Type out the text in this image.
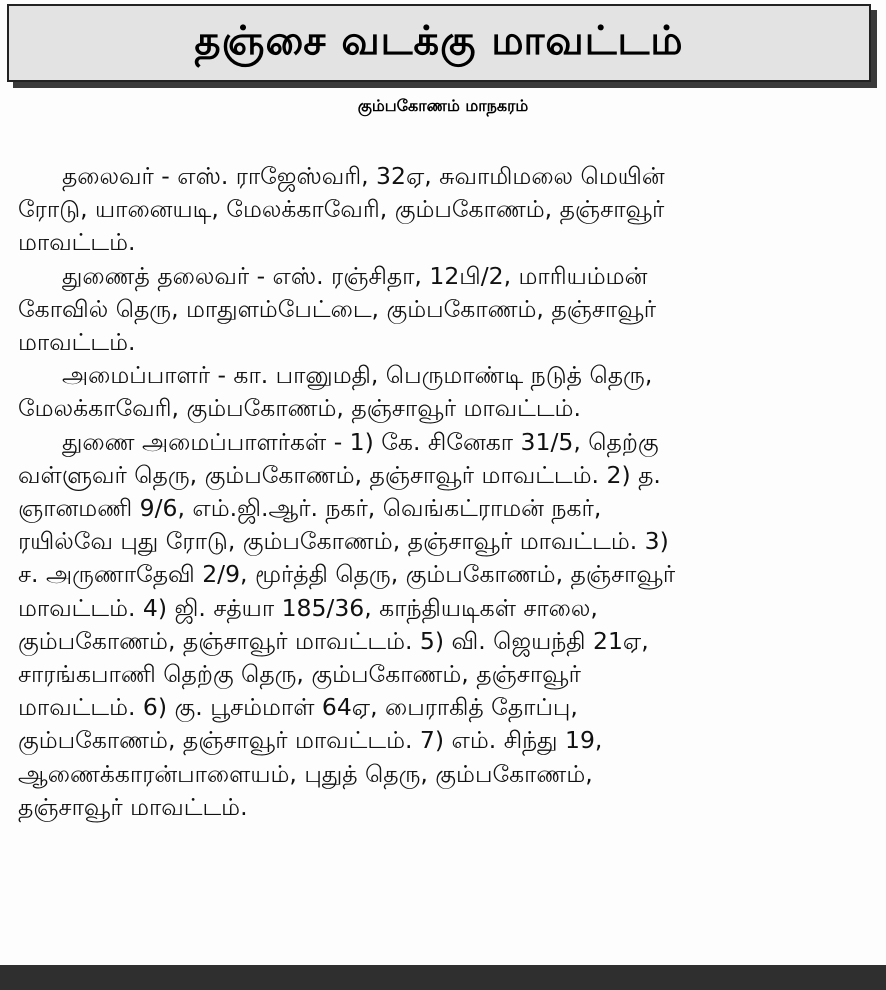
தஞ்சை வடக்கு மாவட்டம்
கும்பகோணம் மாநகரம்
தலைவர் - எஸ். ராஜேஸ்வரி, 32ஏ, சுவாமிமலை மெயின்
ரோடு, யானையடி, மேலக்காவேரி, கும்பகோணம், தஞ்சாவூர்
மாவட்டம்.
துணைத் தலைவர் - எஸ். ரஞ்சிதா, 12பி/2, மாரியம்மன்
கோவில் தெரு, மாதுளம்பேட்டை, கும்பகோணம், தஞ்சாவூர்
மாவட்டம்.
அமைப்பாளர் - கா. பானுமதி, பெருமாண்டி நடுத் தெரு,
மேலக்காவேரி, கும்பகோணம், தஞ்சாவூர் மாவட்டம்.
துணை அமைப்பாளர்கள் - 1) கே. சினேகா 31/5, தெற்கு
வள்ளுவர் தெரு, கும்பகோணம், தஞ்சாவூர் மாவட்டம். 2) த.
ஞானமணி 9/6, எம்.ஜி.ஆர். நகர், வெங்கட்ராமன் நகர்,
ரயில்வே புது ரோடு, கும்பகோணம், தஞ்சாவூர் மாவட்டம். 3)
ச. அருணாதேவி 2/9, மூர்த்தி தெரு, கும்பகோணம், தஞ்சாவூர்
மாவட்டம். 4) ஜி. சத்யா 185/36, காந்தியடிகள் சாலை,
கும்பகோணம், தஞ்சாவூர் மாவட்டம். 5) வி. ஜெயந்தி 21ஏ,
சாரங்கபாணி தெற்கு தெரு, கும்பகோணம், தஞ்சாவூர்
மாவட்டம். 6) கு. பூசம்மாள் 64ஏ, பைராகித் தோப்பு,
கும்பகோணம், தஞ்சாவூர் மாவட்டம். 7) எம். சிந்து 19,
ஆணைக்காரன்பாளையம், புதுத் தெரு, கும்பகோணம்,
தஞ்சாவூர் மாவட்டம்.
